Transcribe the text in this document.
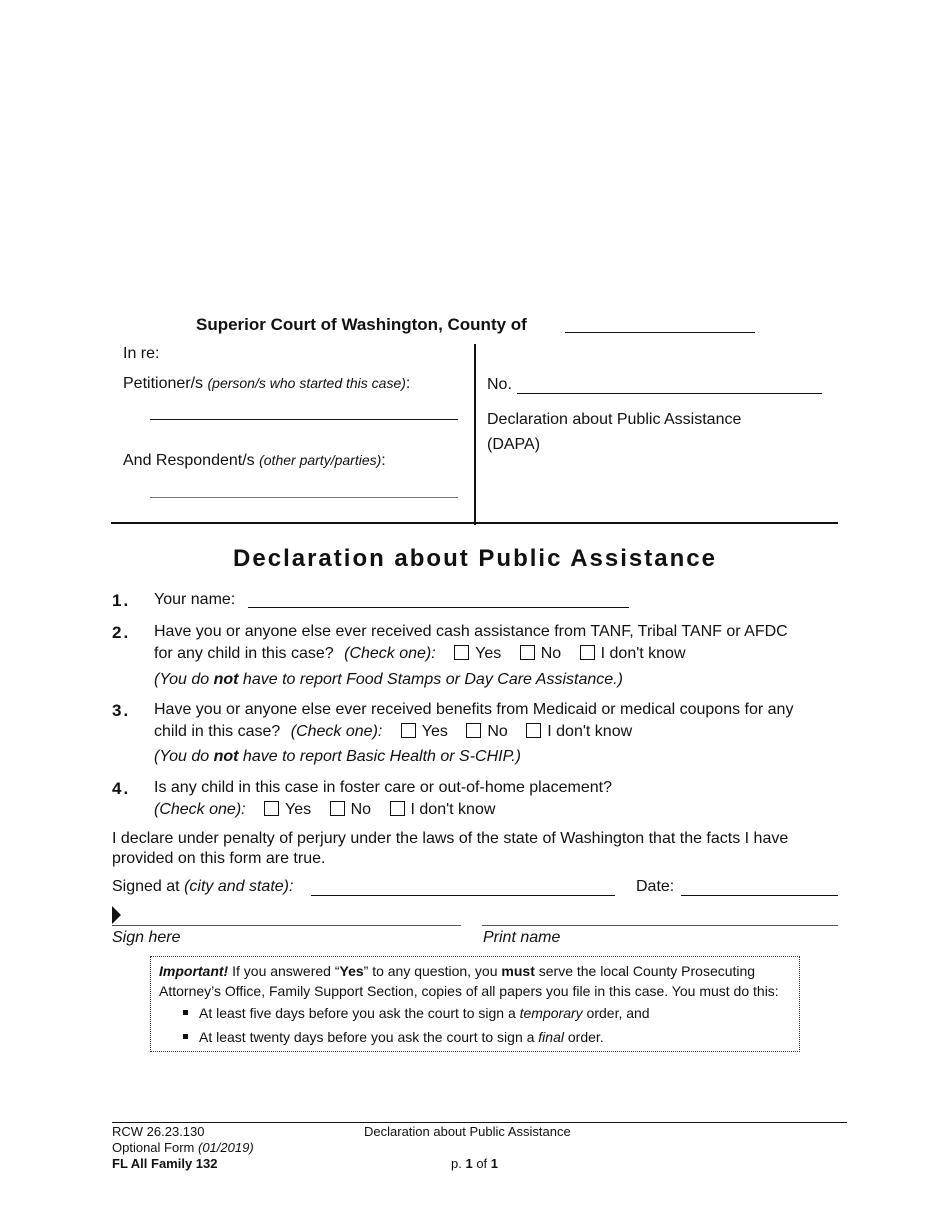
Superior Court of Washington, County of
In re:
Petitioner/s (person/s who started this case):
And Respondent/s (other party/parties):
No.
Declaration about Public Assistance
(DAPA)
Declaration about Public Assistance
1. Your name:
2. Have you or anyone else ever received cash assistance from TANF, Tribal TANF or AFDC
for any child in this case? (Check one): Yes No I don't know
(You do not have to report Food Stamps or Day Care Assistance.)
3. Have you or anyone else ever received benefits from Medicaid or medical coupons for any
child in this case? (Check one): Yes No I don't know
(You do not have to report Basic Health or S-CHIP.)
4. Is any child in this case in foster care or out-of-home placement?
(Check one): Yes No I don't know
I declare under penalty of perjury under the laws of the state of Washington that the facts I have
provided on this form are true.
Signed at (city and state):	Date:
Sign here	Print name
Important! If you answered “Yes” to any question, you must serve the local County Prosecuting
Attorney’s Office, Family Support Section, copies of all papers you file in this case. You must do this:
At least five days before you ask the court to sign a temporary order, and
At least twenty days before you ask the court to sign a final order.
RCW 26.23.130
Optional Form (01/2019)
FL All Family 132
Declaration about Public Assistance
p. 1 of 1
